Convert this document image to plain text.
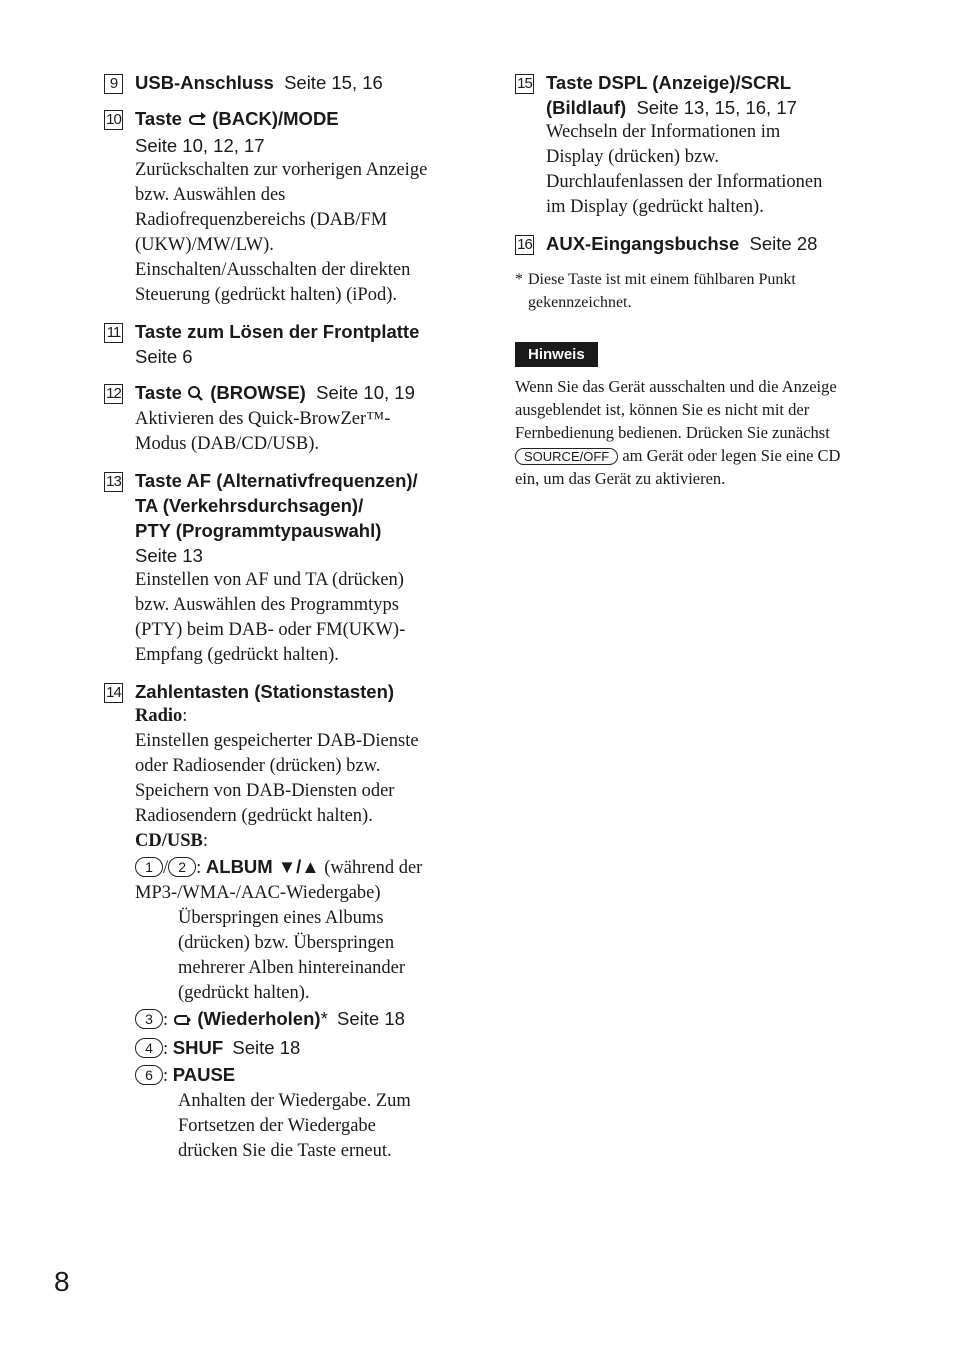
9 USB-Anschluss Seite 15, 16
10 Taste (BACK)/MODE
Seite 10, 12, 17
Zurückschalten zur vorherigen Anzeige
bzw. Auswählen des
Radiofrequenzbereichs (DAB/FM
(UKW)/MW/LW).
Einschalten/Ausschalten der direkten
Steuerung (gedrückt halten) (iPod).
11 Taste zum Lösen der Frontplatte
Seite 6
12 Taste (BROWSE) Seite 10, 19
Aktivieren des Quick-BrowZer™-
Modus (DAB/CD/USB).
13 Taste AF (Alternativfrequenzen)/
TA (Verkehrsdurchsagen)/
PTY (Programmtypauswahl)
Seite 13
Einstellen von AF und TA (drücken)
bzw. Auswählen des Programmtyps
(PTY) beim DAB- oder FM(UKW)-
Empfang (gedrückt halten).
14 Zahlentasten (Stationstasten)
Radio:
Einstellen gespeicherter DAB-Dienste
oder Radiosender (drücken) bzw.
Speichern von DAB-Diensten oder
Radiosendern (gedrückt halten).
CD/USB:
1 / 2 : ALBUM ▼/▲ (während der
MP3-/WMA-/AAC-Wiedergabe)
Überspringen eines Albums
(drücken) bzw. Überspringen
mehrerer Alben hintereinander
(gedrückt halten).
3 : (Wiederholen)* Seite 18
4 : SHUF Seite 18
6 : PAUSE
Anhalten der Wiedergabe. Zum
Fortsetzen der Wiedergabe
drücken Sie die Taste erneut.
15 Taste DSPL (Anzeige)/SCRL
(Bildlauf) Seite 13, 15, 16, 17
Wechseln der Informationen im
Display (drücken) bzw.
Durchlaufenlassen der Informationen
im Display (gedrückt halten).
16 AUX-Eingangsbuchse Seite 28
* Diese Taste ist mit einem fühlbaren Punkt
gekennzeichnet.
Hinweis
Wenn Sie das Gerät ausschalten und die Anzeige
ausgeblendet ist, können Sie es nicht mit der
Fernbedienung bedienen. Drücken Sie zunächst
SOURCE/OFF am Gerät oder legen Sie eine CD
ein, um das Gerät zu aktivieren.
8
